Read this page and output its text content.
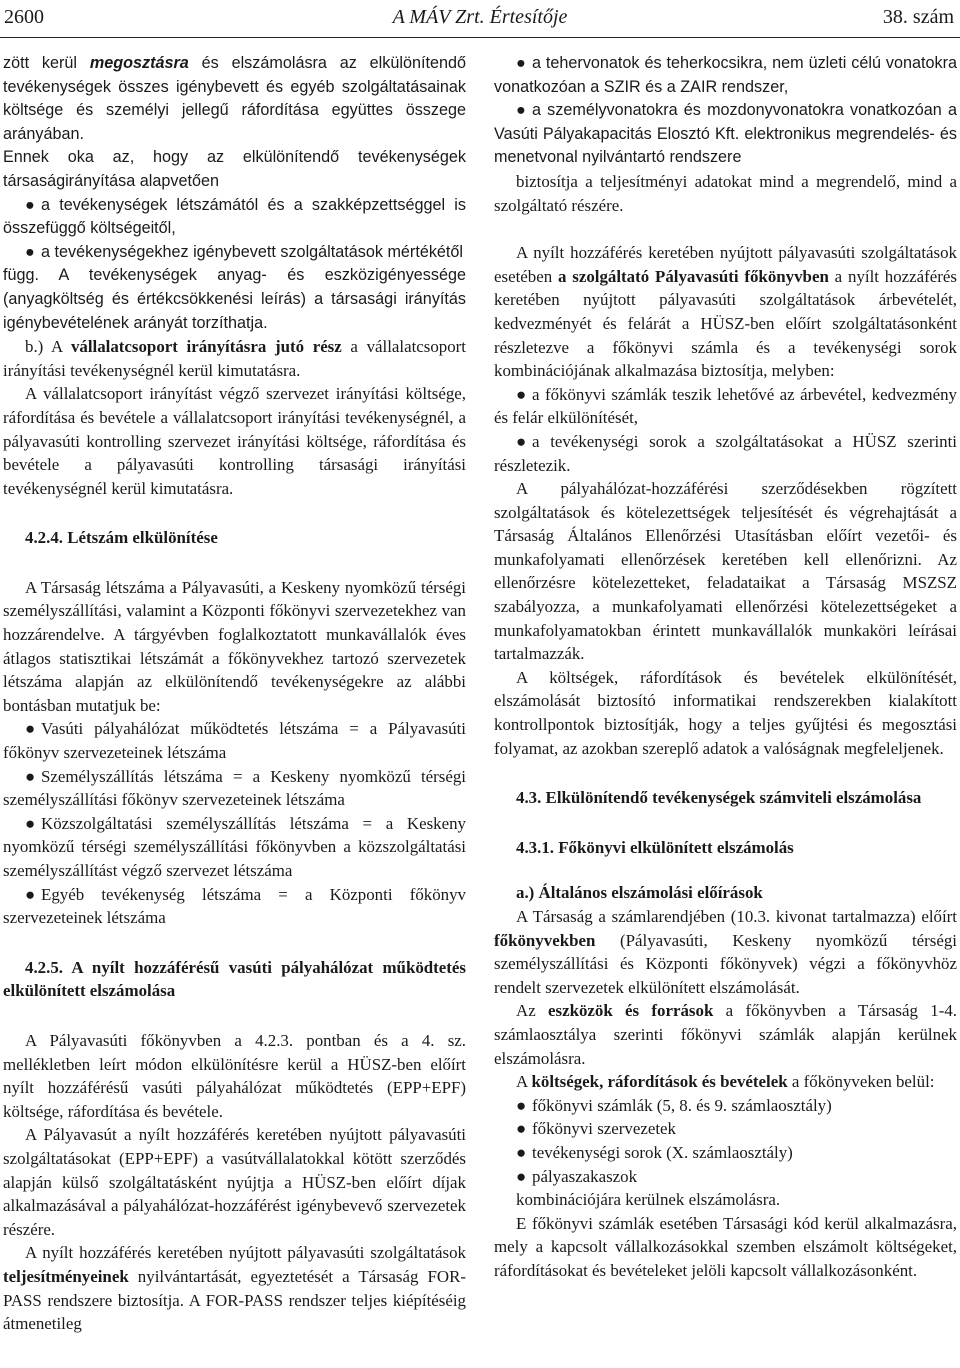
2600	A MÁV Zrt. Értesítője	38. szám

zött kerül megosztásra és elszámolásra az elkülönítendő tevékenységek összes igénybevett és egyéb szolgáltatásainak költsége és személyi jellegű ráfordítása együttes összege arányában.

Ennek oka az, hogy az elkülönítendő tevékenységek társaságirányítása alapvetően

● a tevékenységek létszámától és a szakképzettséggel is összefüggő költségeitől,

● a tevékenységekhez igénybevett szolgáltatások mértékétől

függ. A tevékenységek anyag- és eszközigényessége (anyagköltség és értékcsökkenési leírás) a társasági irányítás igénybevételének arányát torzíthatja.

b.) A vállalatcsoport irányításra jutó rész a vállalatcsoport irányítási tevékenységnél kerül kimutatásra.

A vállalatcsoport irányítást végző szervezet irányítási költsége, ráfordítása és bevétele a vállalatcsoport irányítási tevékenységnél, a pályavasúti kontrolling szervezet irányítási költsége, ráfordítása és bevétele a pályavasúti kontrolling társasági irányítási tevékenységnél kerül kimutatásra.

4.2.4. Létszám elkülönítése

A Társaság létszáma a Pályavasúti, a Keskeny nyomközű térségi személyszállítási, valamint a Központi főkönyvi szervezetekhez van hozzárendelve. A tárgyévben foglalkoztatott munkavállalók éves átlagos statisztikai létszámát a főkönyvekhez tartozó szervezetek létszáma alapján az elkülönítendő tevékenységekre az alábbi bontásban mutatjuk be:

● Vasúti pályahálózat működtetés létszáma = a Pályavasúti főkönyv szervezeteinek létszáma

● Személyszállítás létszáma = a Keskeny nyomközű térségi személyszállítási főkönyv szervezeteinek létszáma

● Közszolgáltatási személyszállítás létszáma = a Keskeny nyomközű térségi személyszállítási főkönyvben a közszolgáltatási személyszállítást végző szervezet létszáma

● Egyéb tevékenység létszáma = a Központi főkönyv szervezeteinek létszáma

4.2.5. A nyílt hozzáférésű vasúti pályahálózat működtetés elkülönített elszámolása

A Pályavasúti főkönyvben a 4.2.3. pontban és a 4. sz. mellékletben leírt módon elkülönítésre kerül a HÜSZ-ben előírt nyílt hozzáférésű vasúti pályahálózat működtetés (EPP+EPF) költsége, ráfordítása és bevétele.

A Pályavasút a nyílt hozzáférés keretében nyújtott pályavasúti szolgáltatásokat (EPP+EPF) a vasútvállalatokkal kötött szerződés alapján külső szolgáltatásként nyújtja a HÜSZ-ben előírt díjak alkalmazásával a pályahálózat-hozzáférést igénybevevő szervezetek részére.

A nyílt hozzáférés keretében nyújtott pályavasúti szolgáltatások teljesítményeinek nyilvántartását, egyeztetését a Társaság FOR-PASS rendszere biztosítja. A FOR-PASS rendszer teljes kiépítéséig átmenetileg

● a tehervonatok és teherkocsikra, nem üzleti célú vonatokra vonatkozóan a SZIR és a ZAIR rendszer,

● a személyvonatokra és mozdonyvonatokra vonatkozóan a Vasúti Pályakapacitás Elosztó Kft. elektronikus megrendelés- és menetvonal nyilvántartó rendszere

biztosítja a teljesítményi adatokat mind a megrendelő, mind a szolgáltató részére.

A nyílt hozzáférés keretében nyújtott pályavasúti szolgáltatások esetében a szolgáltató Pályavasúti főkönyvben a nyílt hozzáférés keretében nyújtott pályavasúti szolgáltatások árbevételét, kedvezményét és felárát a HÜSZ-ben előírt szolgáltatásonként részletezve a főkönyvi számla és a tevékenységi sorok kombinációjának alkalmazása biztosítja, melyben:

● a főkönyvi számlák teszik lehetővé az árbevétel, kedvezmény és felár elkülönítését,

● a tevékenységi sorok a szolgáltatásokat a HÜSZ szerinti részletezik.

A pályahálózat-hozzáférési szerződésekben rögzített szolgáltatások és kötelezettségek teljesítését és végrehajtását a Társaság Általános Ellenőrzési Utasításban előírt vezetői- és munkafolyamati ellenőrzések keretében kell ellenőrizni. Az ellenőrzésre kötelezetteket, feladataikat a Társaság MSZSZ szabályozza, a munkafolyamati ellenőrzési kötelezettségeket a munkafolyamatokban érintett munkavállalók munkaköri leírásai tartalmazzák.

A költségek, ráfordítások és bevételek elkülönítését, elszámolását biztosító informatikai rendszerekben kialakított kontrollpontok biztosítják, hogy a teljes gyűjtési és megosztási folyamat, az azokban szereplő adatok a valóságnak megfeleljenek.

4.3. Elkülönítendő tevékenységek számviteli elszámolása

4.3.1. Főkönyvi elkülönített elszámolás

a.) Általános elszámolási előírások

A Társaság a számlarendjében (10.3. kivonat tartalmazza) előírt főkönyvekben (Pályavasúti, Keskeny nyomközű térségi személyszállítási és Központi főkönyvek) végzi a főkönyvhöz rendelt szervezetek elkülönített elszámolását.

Az eszközök és források a főkönyvben a Társaság 1-4. számlaosztálya szerinti főkönyvi számlák alapján kerülnek elszámolásra.

A költségek, ráfordítások és bevételek a főkönyveken belül:

● főkönyvi számlák (5, 8. és 9. számlaosztály)

● főkönyvi szervezetek

● tevékenységi sorok (X. számlaosztály)

● pályaszakaszok

kombinációjára kerülnek elszámolásra.

E főkönyvi számlák esetében Társasági kód kerül alkalmazásra, mely a kapcsolt vállalkozásokkal szemben elszámolt költségeket, ráfordításokat és bevételeket jelöli kapcsolt vállalkozásonként.
